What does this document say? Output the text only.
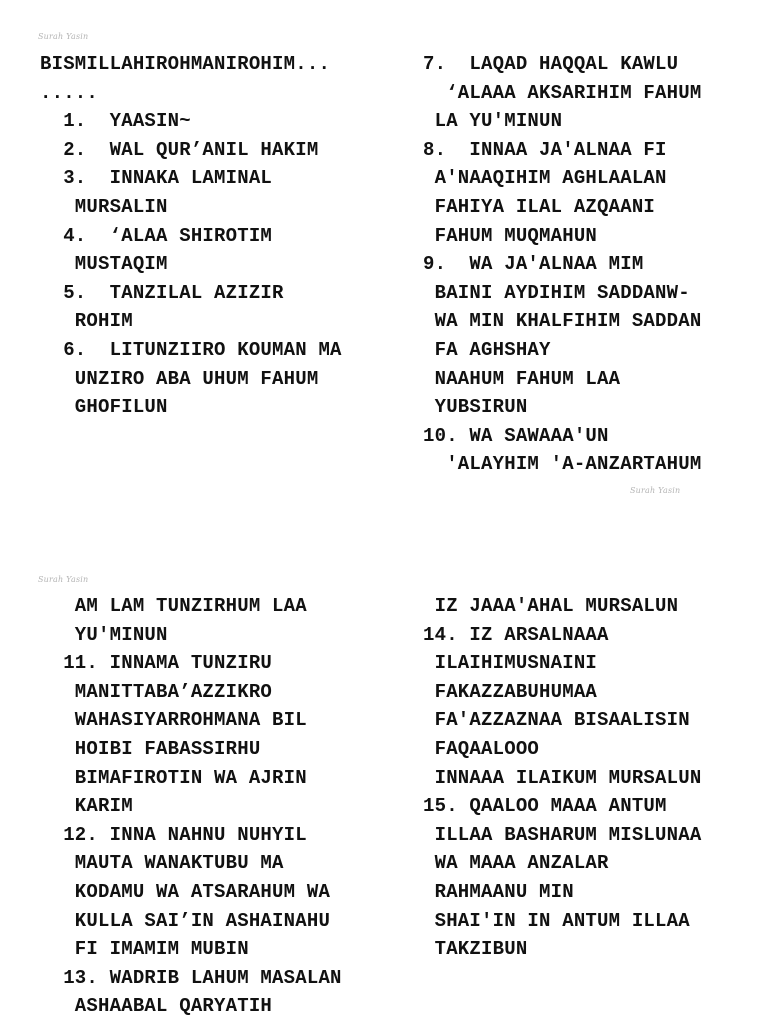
Surah Yasin
BISMILLAHIROHMANIROHIM...
.....
1.  YAASIN~
2.  WAL QUR’ANIL HAKIM
3.  INNAKA LAMINAL
MURSALIN
4.  ‘ALAA SHIROTIM
MUSTAQIM
5.  TANZILAL AZIZIR
ROHIM
6.  LITUNZIIRO KOUMAN MA
UNZIRO ABA UHUM FAHUM
GHOFILUN
7.  LAQAD HAQQAL KAWLU
‘ALAAA AKSARIHIM FAHUM
LA YU'MINUN
8.  INNAA JA'ALNAA FI
A'NAAQIHIM AGHLAALAN
FAHIYA ILAL AZQAANI
FAHUM MUQMAHUN
9.  WA JA'ALNAA MIM
BAINI AYDIHIM SADDANW-
WA MIN KHALFIHIM SADDAN
FA AGHSHAY
NAAHUM FAHUM LAA
YUBSIRUN
10. WA SAWAAA'UN
'ALAYHIM 'A-ANZARTAHUM
Surah Yasin
Surah Yasin
AM LAM TUNZIRHUM LAA
YU'MINUN
11. INNAMA TUNZIRU
MANITTABA’AZZIKRO
WAHASIYARROHMANA BIL
HOIBI FABASSIRHU
BIMAFIROTIN WA AJRIN
KARIM
12. INNA NAHNU NUHYIL
MAUTA WANAKTUBU MA
KODAMU WA ATSARAHUM WA
KULLA SAI’IN ASHAINAHU
FI IMAMIM MUBIN
13. WADRIB LAHUM MASALAN
ASHAABAL QARYATIH
IZ JAAA'AHAL MURSALUN
14. IZ ARSALNAAA
ILAIHIMUSNAINI
FAKAZZABUHUMAA
FA'AZZAZNAA BISAALISIN
FAQAALOOO
INNAAA ILAIKUM MURSALUN
15. QAALOO MAAA ANTUM
ILLAA BASHARUM MISLUNAA
WA MAAA ANZALAR
RAHMAANU MIN
SHAI'IN IN ANTUM ILLAA
TAKZIBUN
